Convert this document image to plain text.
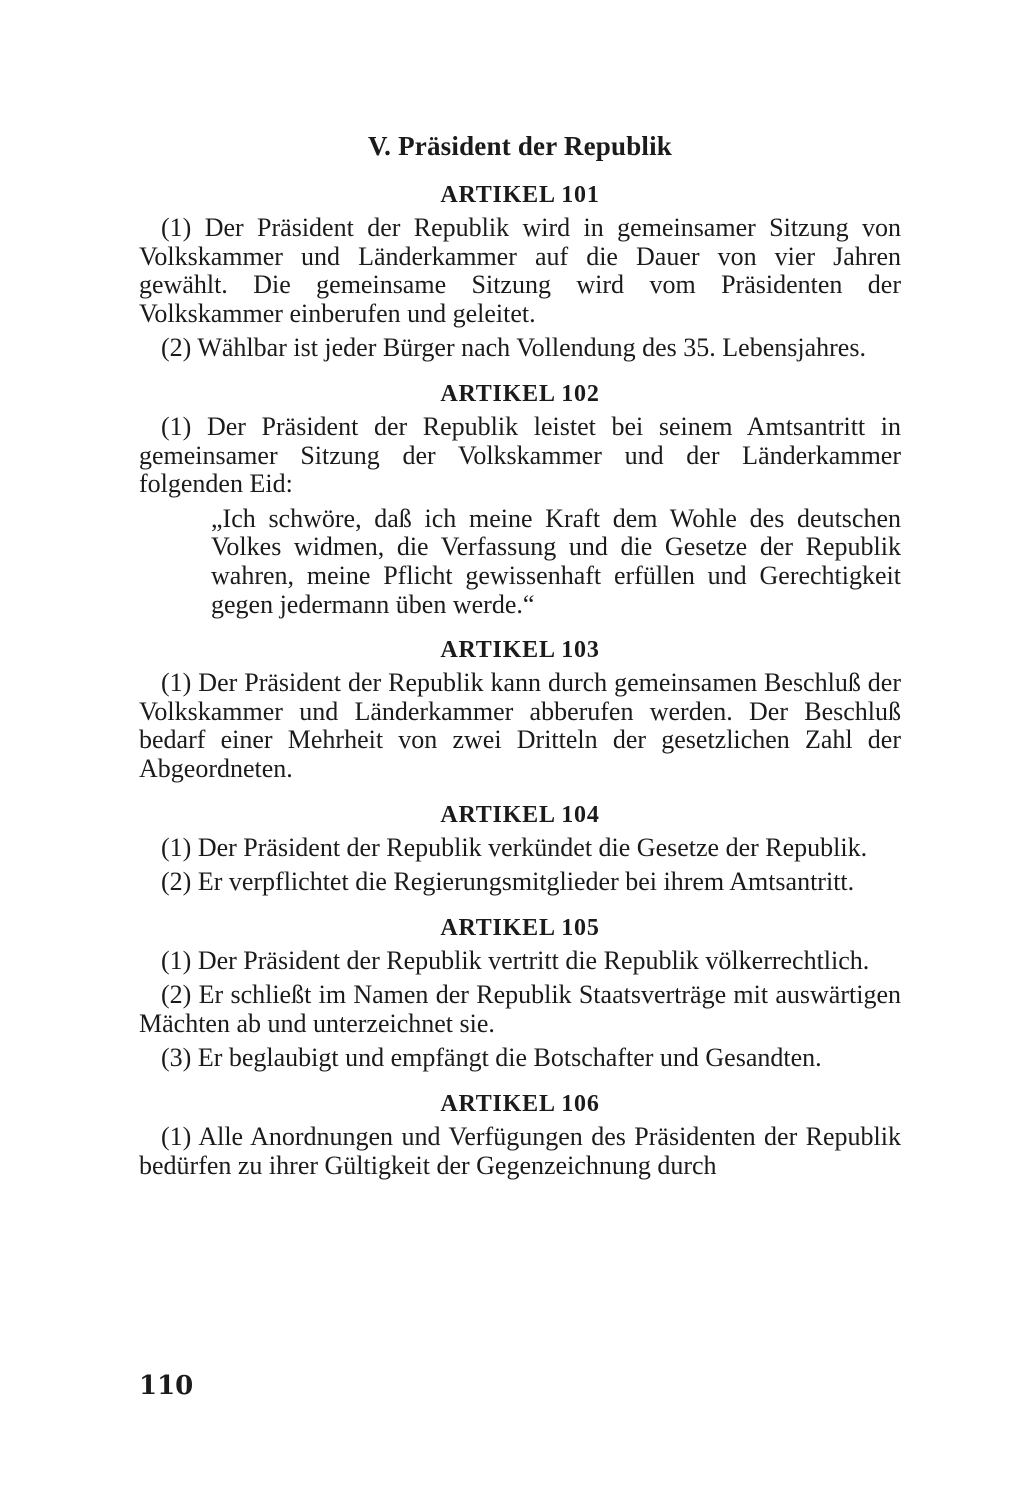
V. Präsident der Republik
ARTIKEL 101

(1) Der Präsident der Republik wird in gemeinsamer Sitzung von Volkskammer und Länderkammer auf die Dauer von vier Jahren gewählt. Die gemeinsame Sitzung wird vom Präsidenten der Volkskammer einberufen und geleitet.

(2) Wählbar ist jeder Bürger nach Vollendung des 35. Lebensjahres.

ARTIKEL 102

(1) Der Präsident der Republik leistet bei seinem Amtsantritt in gemeinsamer Sitzung der Volkskammer und der Länderkammer folgenden Eid:

„Ich schwöre, daß ich meine Kraft dem Wohle des deutschen Volkes widmen, die Verfassung und die Gesetze der Republik wahren, meine Pflicht gewissenhaft erfüllen und Gerechtigkeit gegen jedermann üben werde.“

ARTIKEL 103

(1) Der Präsident der Republik kann durch gemeinsamen Beschluß der Volkskammer und Länderkammer abberufen werden. Der Beschluß bedarf einer Mehrheit von zwei Dritteln der gesetzlichen Zahl der Abgeordneten.

ARTIKEL 104

(1) Der Präsident der Republik verkündet die Gesetze der Republik.

(2) Er verpflichtet die Regierungsmitglieder bei ihrem Amtsantritt.

ARTIKEL 105

(1) Der Präsident der Republik vertritt die Republik völkerrechtlich.

(2) Er schließt im Namen der Republik Staatsverträge mit auswärtigen Mächten ab und unterzeichnet sie.

(3) Er beglaubigt und empfängt die Botschafter und Gesandten.

ARTIKEL 106

(1) Alle Anordnungen und Verfügungen des Präsidenten der Republik bedürfen zu ihrer Gültigkeit der Gegenzeichnung durch

110
